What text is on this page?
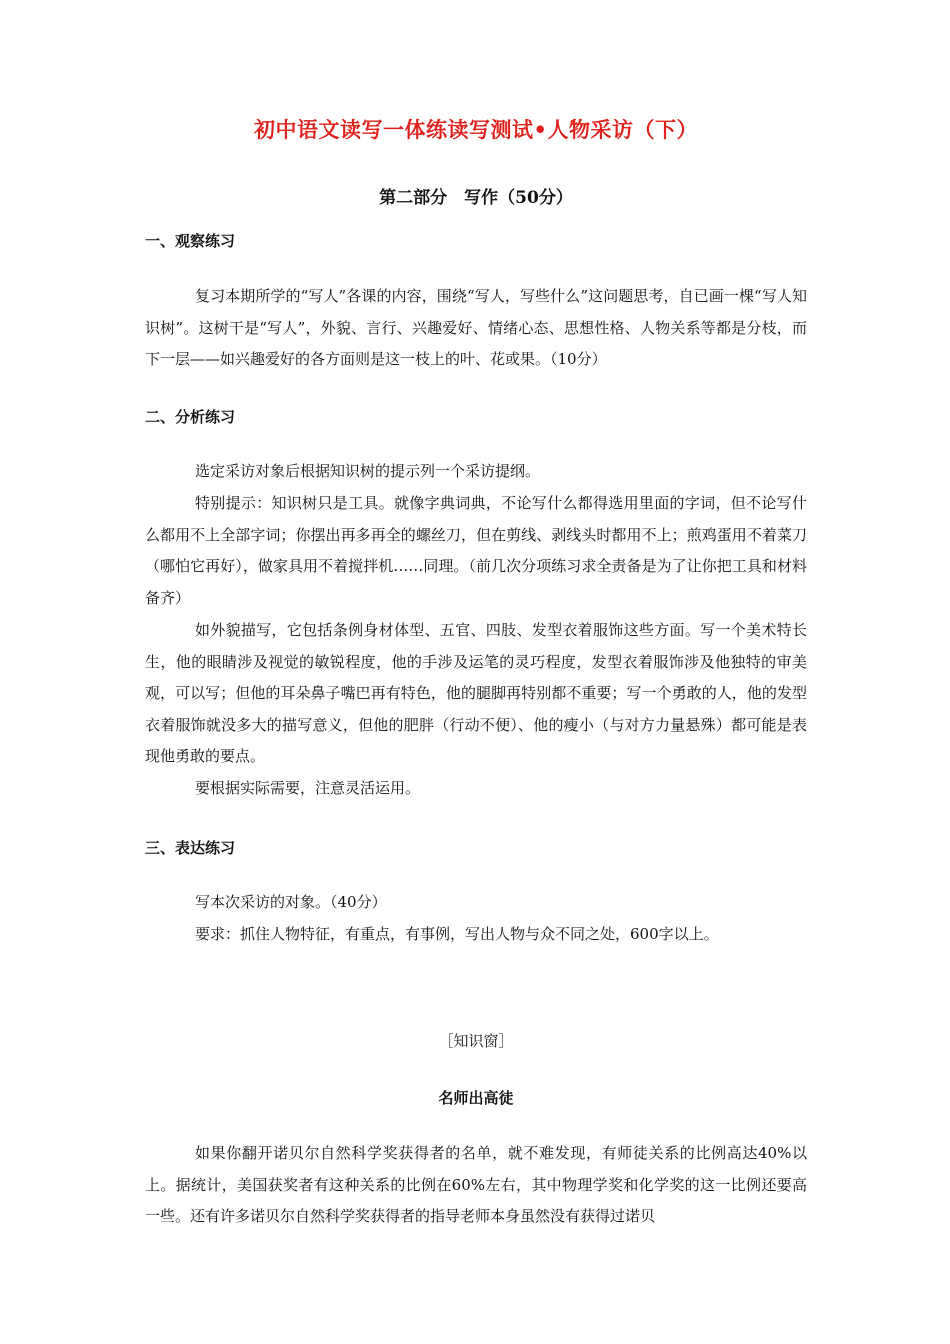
初中语文读写一体练读写测试•人物采访（下）
第二部分　写作（50分）
一、观察练习
复习本期所学的“写人”各课的内容，围绕“写人，写些什么”这问题思考，自已画一棵“写人知识树”。这树干是“写人”，外貌、言行、兴趣爱好、情绪心态、思想性格、人物关系等都是分枝，而下一层——如兴趣爱好的各方面则是这一枝上的叶、花或果。（10分）
二、分析练习
选定采访对象后根据知识树的提示列一个采访提纲。
特别提示：知识树只是工具。就像字典词典，不论写什么都得选用里面的字词，但不论写什么都用不上全部字词；你摆出再多再全的螺丝刀，但在剪线、剥线头时都用不上；煎鸡蛋用不着菜刀（哪怕它再好），做家具用不着搅拌机……同理。（前几次分项练习求全责备是为了让你把工具和材料备齐）
如外貌描写，它包括条例身材体型、五官、四肢、发型衣着服饰这些方面。写一个美术特长生，他的眼睛涉及视觉的敏锐程度，他的手涉及运笔的灵巧程度，发型衣着服饰涉及他独特的审美观，可以写；但他的耳朵鼻子嘴巴再有特色，他的腿脚再特别都不重要；写一个勇敢的人，他的发型衣着服饰就没多大的描写意义，但他的肥胖（行动不便）、他的瘦小（与对方力量悬殊）都可能是表现他勇敢的要点。
要根据实际需要，注意灵活运用。
三、表达练习
写本次采访的对象。（40分）
要求：抓住人物特征，有重点，有事例，写出人物与众不同之处，600字以上。
［知识窗］
名师出高徒
如果你翻开诺贝尔自然科学奖获得者的名单，就不难发现，有师徒关系的比例高达40%以上。据统计，美国获奖者有这种关系的比例在60%左右，其中物理学奖和化学奖的这一比例还要高一些。还有许多诺贝尔自然科学奖获得者的指导老师本身虽然没有获得过诺贝
